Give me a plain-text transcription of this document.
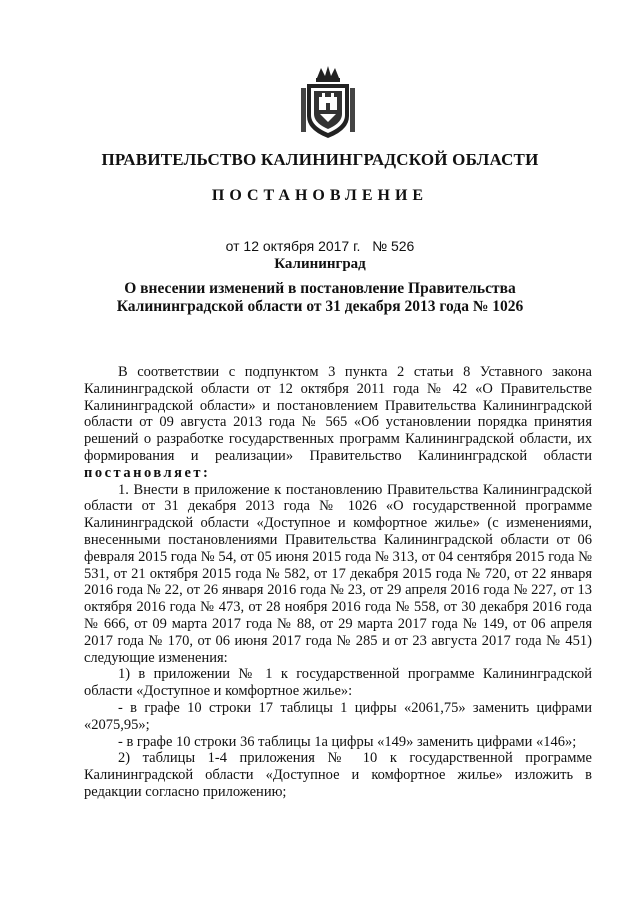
ПРАВИТЕЛЬСТВО КАЛИНИНГРАДСКОЙ ОБЛАСТИ
ПОСТАНОВЛЕНИЕ
от 12 октября 2017 г.   № 526
Калининград
О внесении изменений в постановление Правительства
Калининградской области от 31 декабря 2013 года № 1026

В соответствии с подпунктом 3 пункта 2 статьи 8 Уставного закона Калининградской области от 12 октября 2011 года № 42 «О Правительстве Калининградской области» и постановлением Правительства Калининградской области от 09 августа 2013 года № 565 «Об установлении порядка принятия решений о разработке государственных программ Калининградской области, их формирования и реализации» Правительство Калининградской области постановляет:

1. Внести в приложение к постановлению Правительства Калининградской области от 31 декабря 2013 года № 1026 «О государственной программе Калининградской области «Доступное и комфортное жилье» (с изменениями, внесенными постановлениями Правительства Калининградской области от 06 февраля 2015 года № 54, от 05 июня 2015 года № 313, от 04 сентября 2015 года № 531, от 21 октября 2015 года № 582, от 17 декабря 2015 года № 720, от 22 января 2016 года № 22, от 26 января 2016 года № 23, от 29 апреля 2016 года № 227, от 13 октября 2016 года № 473, от 28 ноября 2016 года № 558, от 30 декабря 2016 года № 666, от 09 марта 2017 года № 88, от 29 марта 2017 года № 149, от 06 апреля 2017 года № 170, от 06 июня 2017 года № 285 и от 23 августа 2017 года № 451) следующие изменения:

1) в приложении № 1 к государственной программе Калининградской области «Доступное и комфортное жилье»:

- в графе 10 строки 17 таблицы 1 цифры «2061,75» заменить цифрами «2075,95»;

- в графе 10 строки 36 таблицы 1а цифры «149» заменить цифрами «146»;

2) таблицы 1-4 приложения № 10 к государственной программе Калининградской области «Доступное и комфортное жилье» изложить в редакции согласно приложению;
